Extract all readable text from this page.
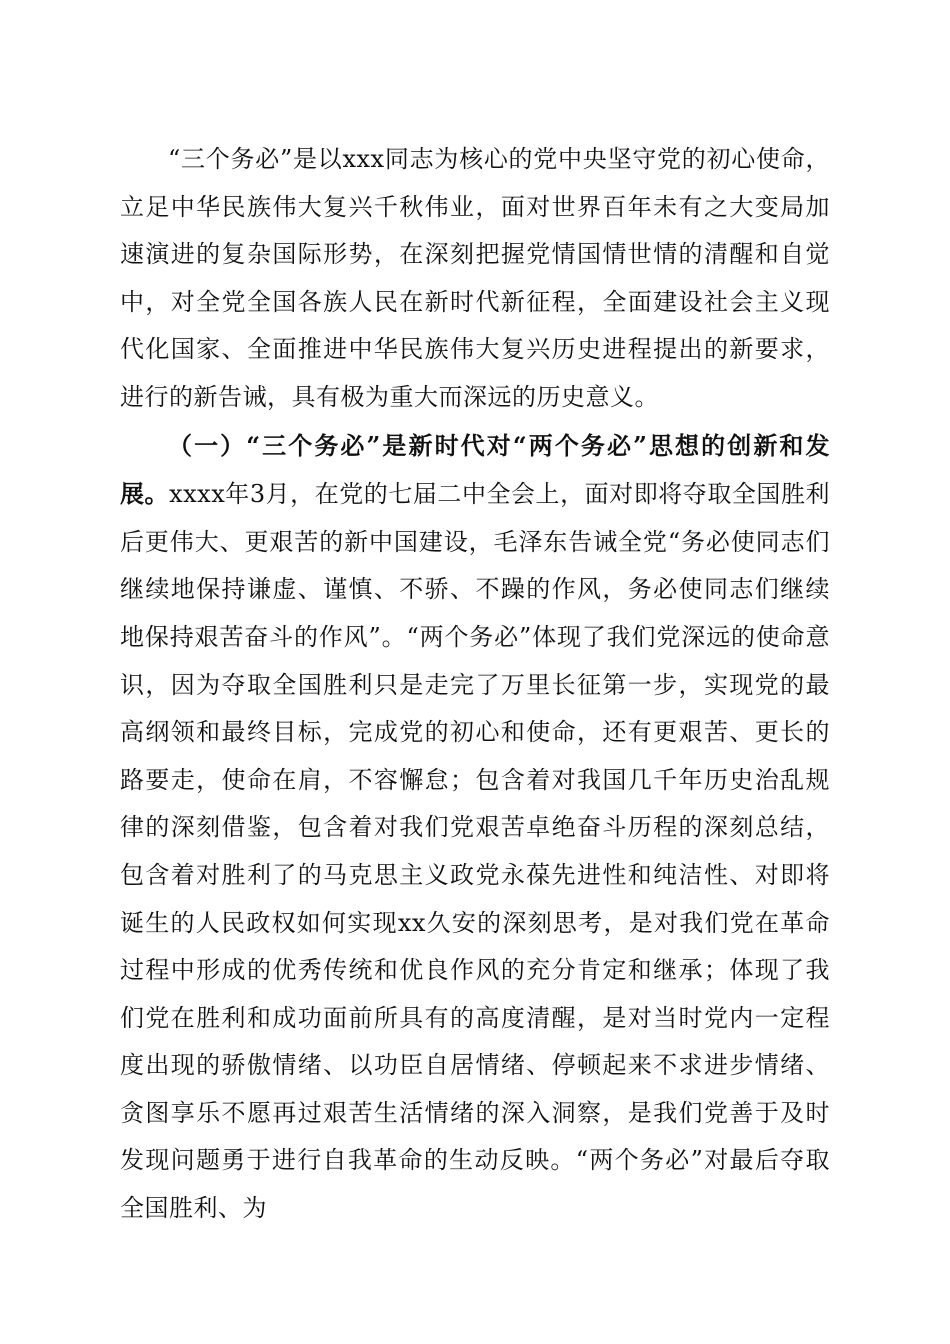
“三个务必”是以xxx同志为核心的党中央坚守党的初心使命，立足中华民族伟大复兴千秋伟业，面对世界百年未有之大变局加速演进的复杂国际形势，在深刻把握党情国情世情的清醒和自觉中，对全党全国各族人民在新时代新征程，全面建设社会主义现代化国家、全面推进中华民族伟大复兴历史进程提出的新要求，进行的新告诫，具有极为重大而深远的历史意义。

（一）“三个务必”是新时代对“两个务必”思想的创新和发展。xxxx年3月，在党的七届二中全会上，面对即将夺取全国胜利后更伟大、更艰苦的新中国建设，毛泽东告诫全党“务必使同志们继续地保持谦虚、谨慎、不骄、不躁的作风，务必使同志们继续地保持艰苦奋斗的作风”。“两个务必”体现了我们党深远的使命意识，因为夺取全国胜利只是走完了万里长征第一步，实现党的最高纲领和最终目标，完成党的初心和使命，还有更艰苦、更长的路要走，使命在肩，不容懈怠；包含着对我国几千年历史治乱规律的深刻借鉴，包含着对我们党艰苦卓绝奋斗历程的深刻总结，包含着对胜利了的马克思主义政党永葆先进性和纯洁性、对即将诞生的人民政权如何实现xx久安的深刻思考，是对我们党在革命过程中形成的优秀传统和优良作风的充分肯定和继承；体现了我们党在胜利和成功面前所具有的高度清醒，是对当时党内一定程度出现的骄傲情绪、以功臣自居情绪、停顿起来不求进步情绪、贪图享乐不愿再过艰苦生活情绪的深入洞察，是我们党善于及时发现问题勇于进行自我革命的生动反映。“两个务必”对最后夺取全国胜利、为
